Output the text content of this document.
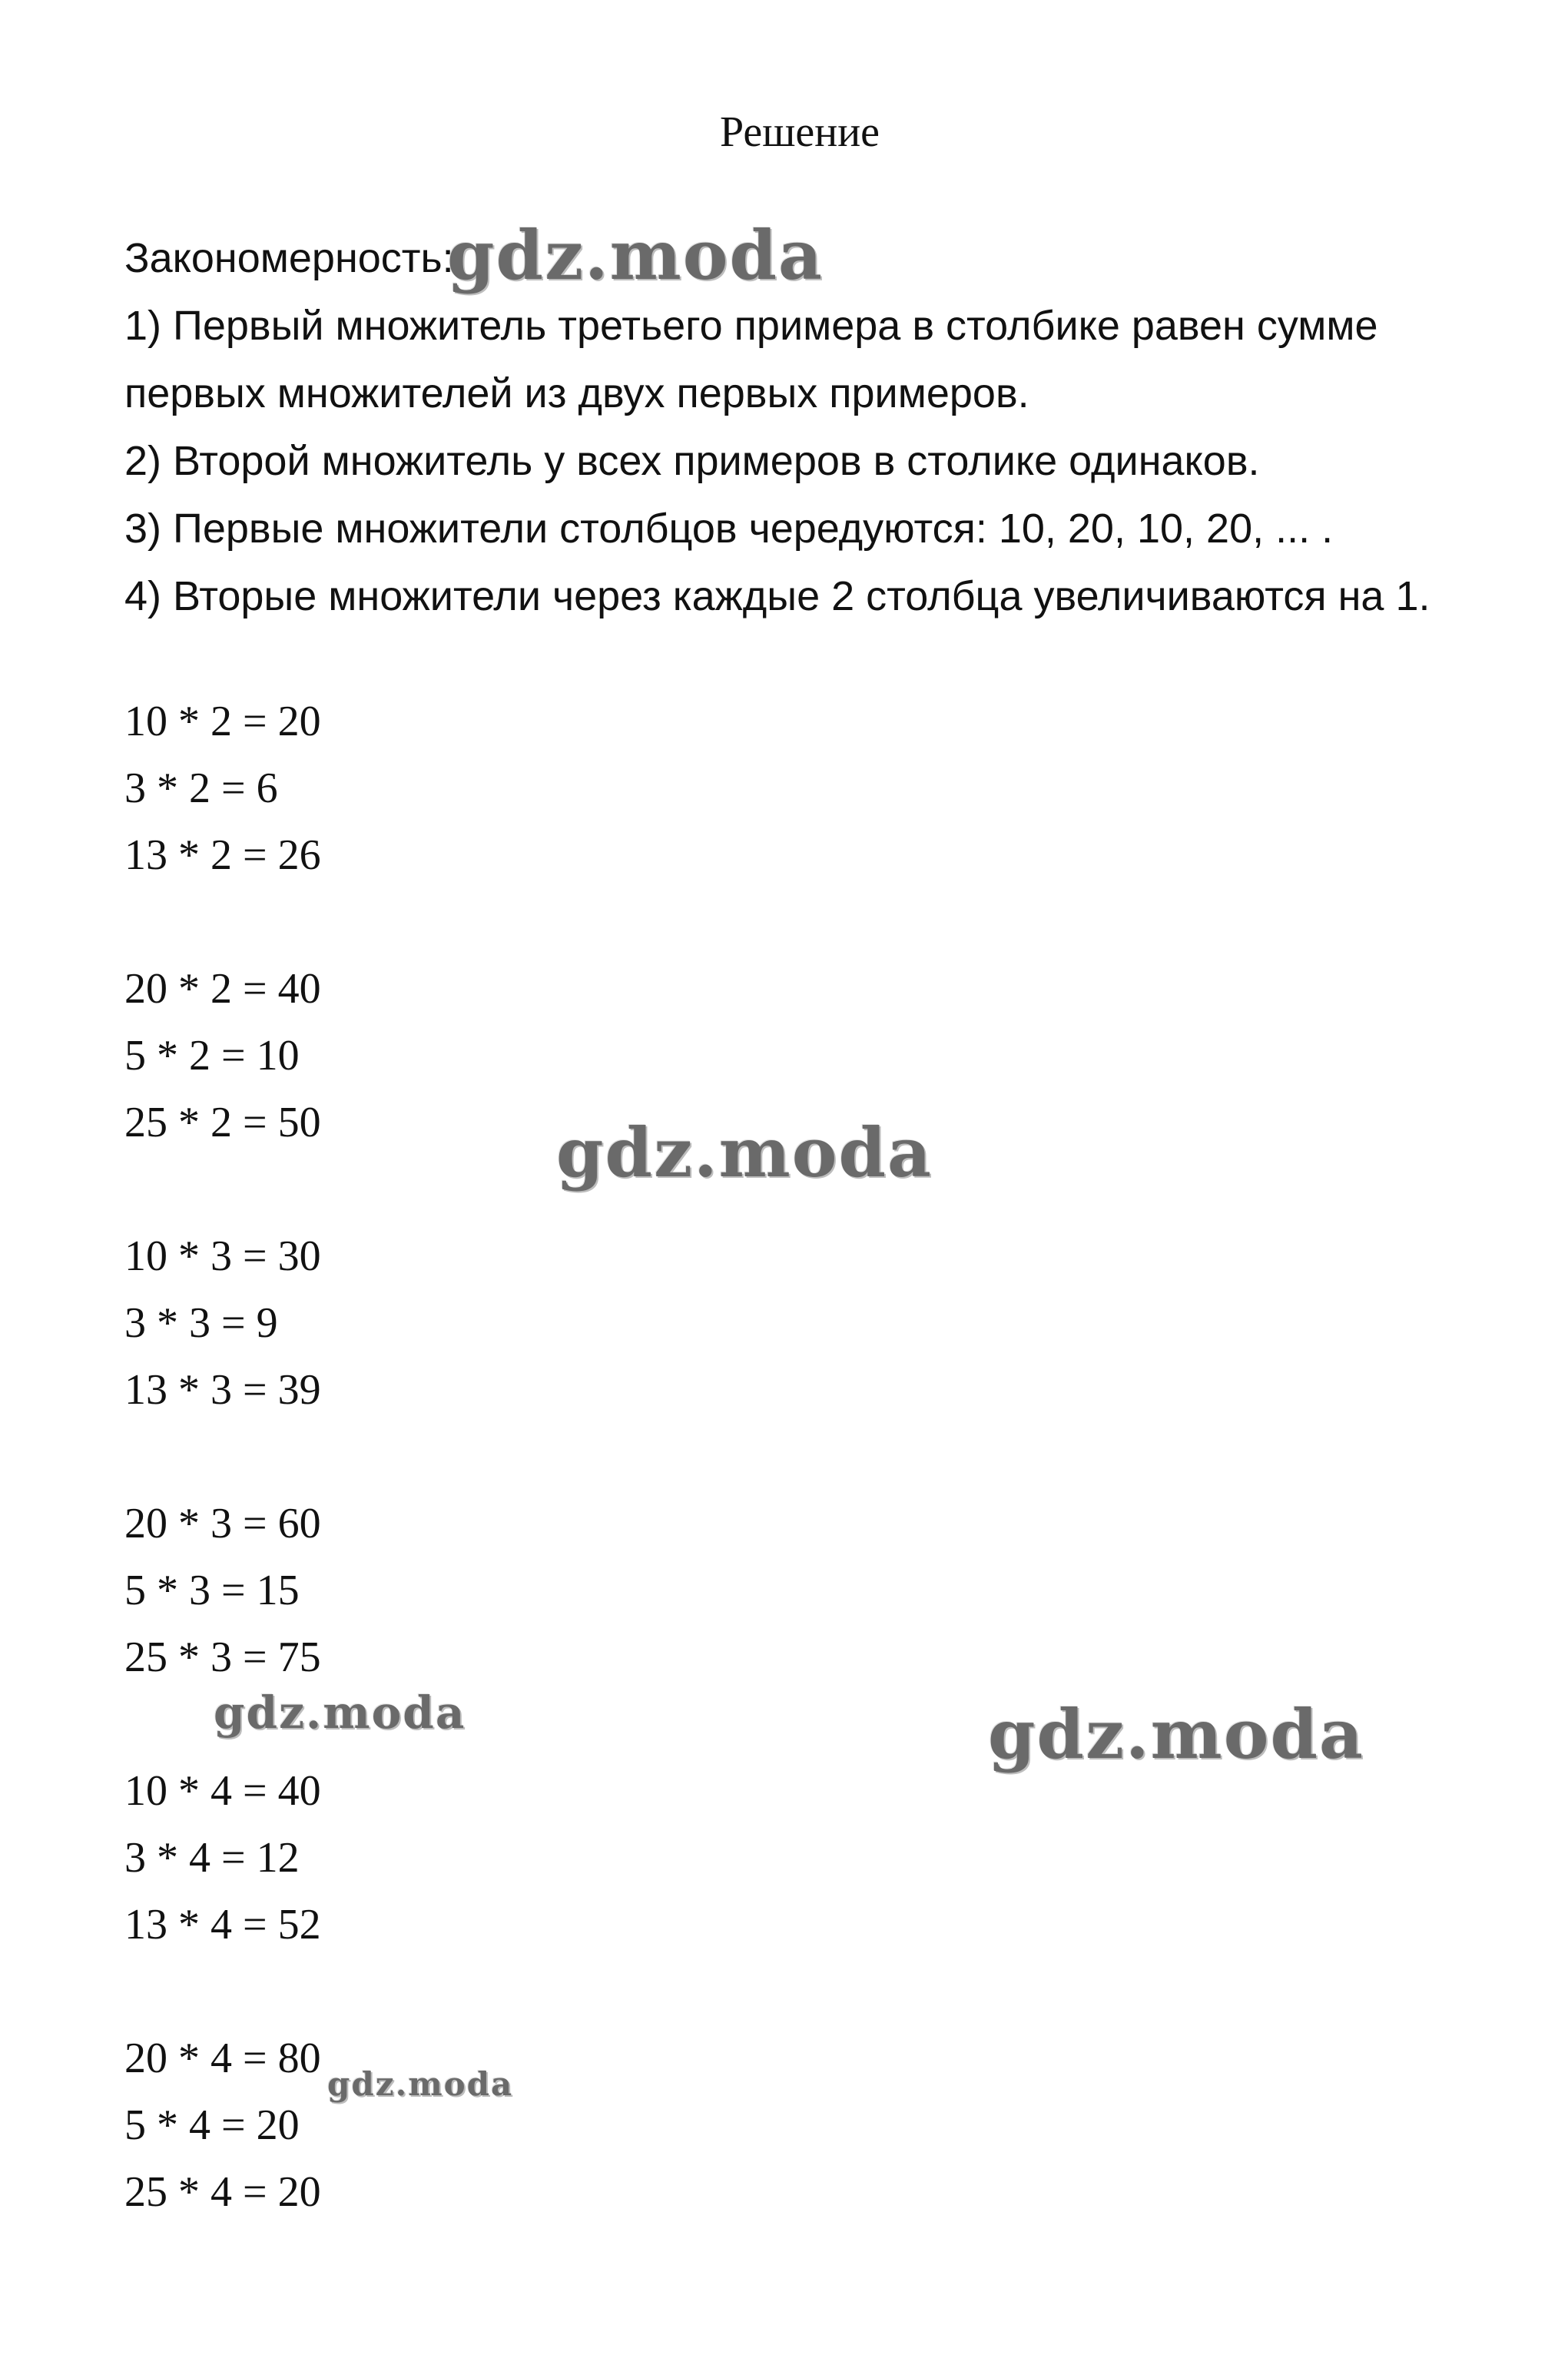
Решение
Закономерность:
1) Первый множитель третьего примера в столбике равен сумме
первых множителей из двух первых примеров.
2) Второй множитель у всех примеров в столике одинаков.
3) Первые множители столбцов чередуются: 10, 20, 10, 20, ... .
4) Вторые множители через каждые 2 столбца увеличиваются на 1.
10 * 2 = 20
3 * 2 = 6
13 * 2 = 26
20 * 2 = 40
5 * 2 = 10
25 * 2 = 50
10 * 3 = 30
3 * 3 = 9
13 * 3 = 39
20 * 3 = 60
5 * 3 = 15
25 * 3 = 75
10 * 4 = 40
3 * 4 = 12
13 * 4 = 52
20 * 4 = 80
5 * 4 = 20
25 * 4 = 20
gdz.moda
gdz.moda
gdz.moda	gdz.moda
gdz.moda
